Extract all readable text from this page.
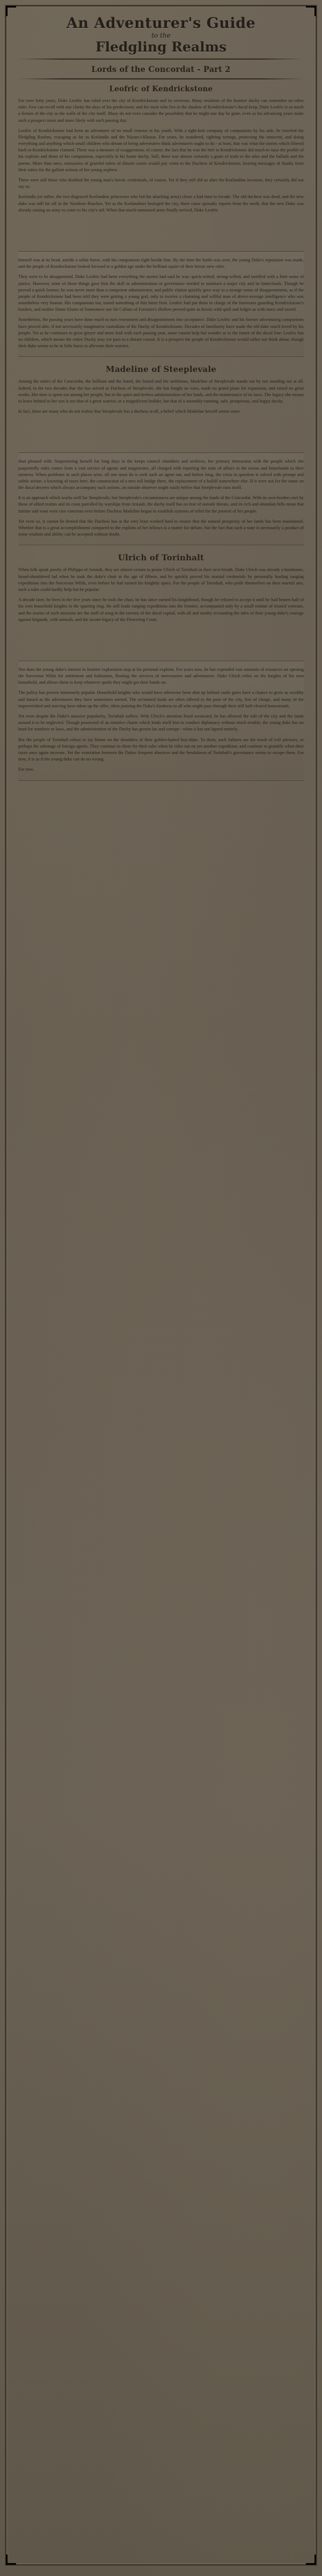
An Adventurer's Guide
to the
Fledgling Realms
Lords of the Concordat - Part 2
Leofric of Kendrickstone

For over forty years, Duke Leofric has ruled over the city of Kendrickstone and its environs. Many residents of the frontier duchy can remember no other ruler. Few can recall with any clarity the days of his predecessor, and for most who live in the shadow of Kendrickstone's ducal keep, Duke Leofric is as much a fixture of the city as the walls of the city itself. Many do not even consider the possibility that he might one day be gone, even as his advancing years make such a prospect more and more likely with each passing day.

Leofric of Kendrickstone had been an adventurer of no small renown in his youth. With a tight-knit company of companions by his side, he traveled the Fledgling Realms, voyaging as far as Korlandis and the Nizam-i-Khazar. For years, he wandered, righting wrongs, protecting the innocent, and doing everything and anything which small children who dream of being adventurers think adventurers ought to do - at least, that was what the stories which filtered back to Kendrickstone claimed. There was a measure of exaggeration, of course; the fact that he was the heir to Kendrickstone did much to raise the profile of his exploits and those of his companions, especially in his home duchy. Still, there was almost certainly a grain of truth to the tales and the ballads and the poems. More than once, emissaries of grateful rulers of distant courts would pay visits to the Duchess of Kendrickstone, bearing messages of thanks from their rulers for the gallant actions of her young nephew.

There were still those who doubted the young man's heroic credentials, of course. Yet if they still did so after the Korlandine invasion, they certainly did not say so.

Korlandis (or rather, the two disgraced Korlandine princesses who led the attacking army) chose a bad time to invade. The old duchess was dead, and the new duke was still far off in the Northern Reaches. Yet as the Korlandines besieged the city, there came sporadic reports from the north, that the new Duke was already raising an army to come to his city's aid. When that much-rumoured army finally arrived, Duke Leofric

himself was at its head, astride a white horse, with his companions right beside him. By the time the battle was over, the young Duke's reputation was made, and the people of Kendrickstone looked forward to a golden age under the brilliant squire of their heroic new ruler.

They were to be disappointed. Duke Leofric had been everything the stories had said he was: quick-witted, strong-willed, and instilled with a firm sense of justice. However, none of those things gave him the skill in administration or governance needed to maintain a major city and its hinterlands. Though he proved a quick learner, he was never more than a competent administrator, and public elation quickly gave way to a strange sense of disappointment, as if the people of Kendrickstone had been told they were getting a young god, only to receive a charming and willful man of above-average intelligence who was nonetheless very human. His companions too, tasted something of this bitter fruit. Leofric had put them in charge of the fortresses guarding Kendrickstone's borders, and neither Dame Elaine of Sonnemere nor Sir Callum of Forestire's Hollow proved quite as heroic with quill and ledger as with mace and sword.

Nonetheless, the passing years have done much to turn resentment and disappointment into acceptance. Duke Leofric and his former adventuring companions have proved able, if not necessarily imaginative custodians of the Duchy of Kendrickstone. Decades of familiarity have made the old duke much loved by his people. Yet as he continues to grow greyer and more frail with each passing year, some cannot help but wonder as to the future of the ducal line: Leofric has no children, which means the entire Duchy may yet pass to a distant cousin. It is a prospect the people of Kendrickstone would rather not think about, though their duke seems to be in little hurry to alleviate their worries.

Madeline of Steeplevale

Among the rulers of the Concordat, the brilliant and the hated, the famed and the ambitious, Madeline of Steeplevale stands out by not standing out at all. Indeed, in the two decades that she has served as Duchess of Steeplevale, she has fought no wars, made no grand plans for expansion, and raised no great works. Her time is spent not among her people, but in the quiet and tireless administration of her lands, and the maintenance of its laws. The legacy she means to leave behind to her son is not that of a great warrior, or a magnificent builder, but that of a smoothly-running, safe, prosperous, and happy duchy.

In fact, there are many who do not realise that Steeplevale has a duchess at all, a belief which Madeline herself seems more

than pleased with. Sequestering herself for long days in the keeps council chambers and archives, her primary interaction with the people which she purportedly rules comes from a vast service of agents and magistrates, all charged with reporting the state of affairs in the towns and hinterlands to their mistress. When problems in such places arise, all one must do is seek such an agent out, and before long, the crisis in question is solved with prompt and subtle action: a lowering of taxes here, the construction of a new toll bridge there, the replacement of a bailiff somewhere else. If it were not for the name on the ducal decrees which always accompany such actions, an outside observer might easily belive that Steeplevale runs itself.

It is an approach which works well for Steeplevale, but Steeplevale's circumstances are unique among the lands of the Concordat. With its own borders met by those of allied realms and its coast patrolled by warships from Arnault, the duchy itself has no fear of outside threats, and its rich and abundant hills mean that famine and want were rare concerns even before Duchess Madeline began to establish systems of relief for the poorest of her people.

Yet even so, it cannot be denied that the Duchess has at the very least worked hard to ensure that the natural prosperity of her lands has been maintained. Whether that is a great accomplishment compared to the exploits of her fellows is a matter for debate, but the fact that such a state is necessarily a product of some wisdom and ability can be accepted without doubt.

Ulrich of Torinhalt

When folk speak poorly of Philippa of Arnault, they are almost certain to praise Ulrich of Torinhalt in their next breath. Duke Ulrich was already a handsome, broad-shouldered lad when he took the duke's chair at the age of fifteen, and he quickly proved his martial credentials by personally leading ranging expeditions into the Sorcerous Wilds, even before he had earned his knightly spurs. For the people of Torinhalt, who pride themselves on their martial airs, such a ruler could hardly help but be popular.

A decade later, he lives in the five years since he took the chair, he has since earned his knighthood, though he refused to accept it until he had beaten half of his own household knights in the sparring ring. He still leads ranging expeditions into the frontier, accompanied only by a small retinue of trusted veterans, and the stories of such missions are the stuff of song in the taverns of the ducal capital, with all and sundry recounting the tales of their young duke's courage against brigands, wild animals, and the arcane legacy of the Flowering Court.

Nor does the young duke's interest in frontier exploration stop at his personal exploits. For years now, he has expended vast amounts of resources on opening the Sorcerous Wilds for settlement and habitation, flouting the services of mercenaries and adventurers. Duke Ulrich relies on the knights of his own household, and allows them to keep whatever spoils they might get their hands on.

The policy has proven immensely popular. Household knights who would have otherwise been shut up behind castle gates have a chance to grow as wealthy and famed as the adventurers they have sometimes envied. The reclaimed lands are often offered to the poor of the city, free of charge, and many of the impoverished and starving have taken up the offer, often praising the Duke's kindness to all who might pass through their still half-cleared homesteads.

Yet even despite the Duke's massive popularity, Torinhalt suffers. With Ulrich's attention fixed westward, he has allowed the rule of the city and the lands around it to be neglected. Though possessed of an intuitive charm which lends itself him to conduct diplomacy without much trouble, the young duke has no head for numbers or laws, and the administration of the Duchy has grown lax and corrupt - when it has not lapsed entirely.

But the people of Torinhalt refuse to lay blame on the shoulders of their golden-haired boy-duke. To them, such failures are the result of evil advisors, or perhaps the sabotage of foreign agents. They continue to cheer for their ruler when he rides out on yet another expedition, and continue to grumble when their taxes once again increase. Yet the veneration between the Dukes frequent absences and the breakdown of Torinhalt's governance seems to escape them. For now, it is as if the young duke can do no wrong.

For now.
